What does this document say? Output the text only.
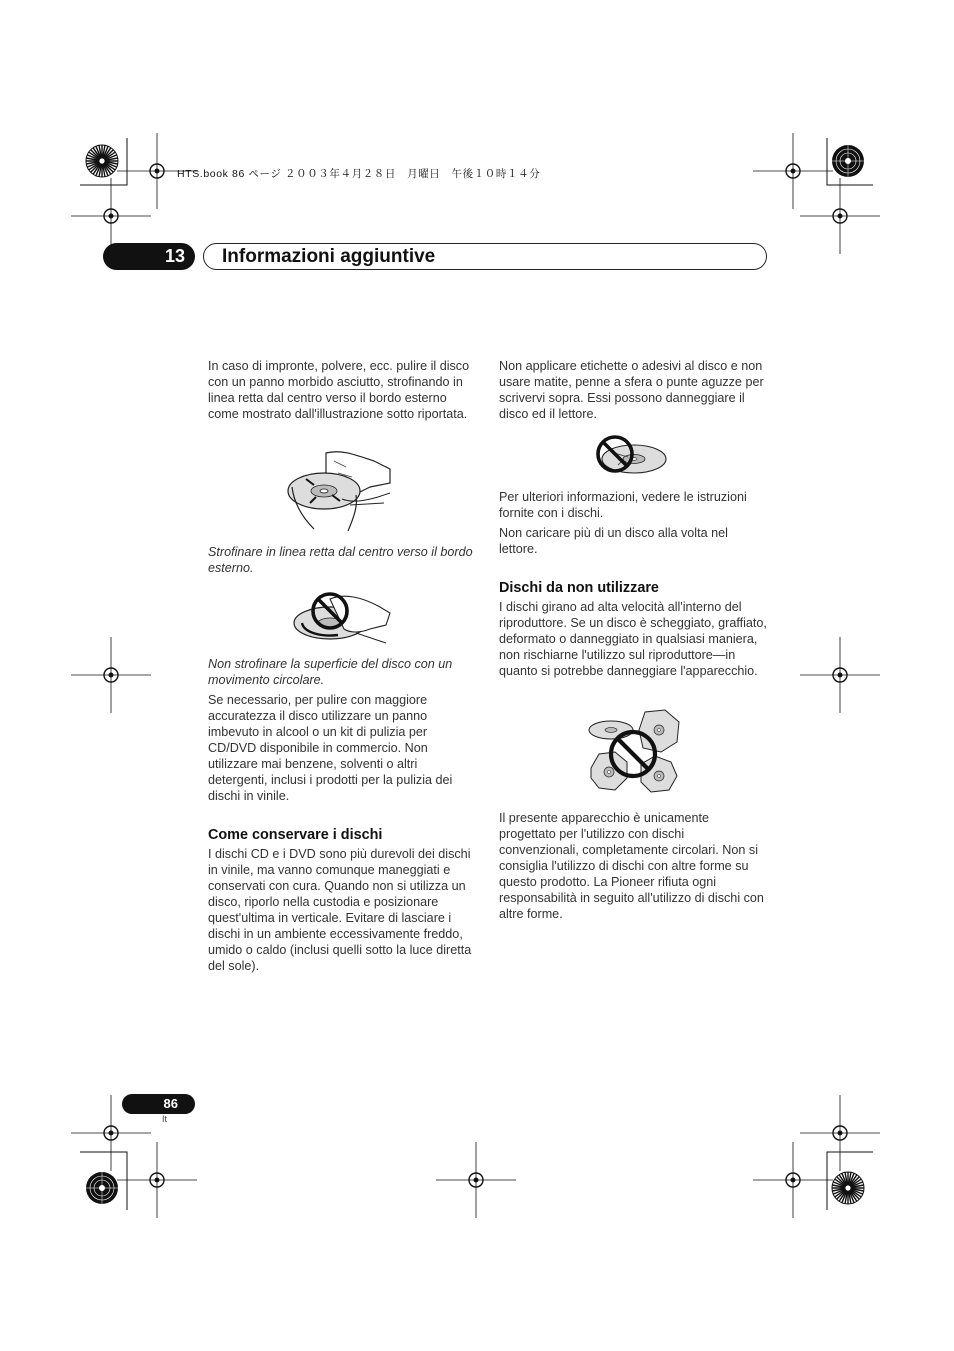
HTS.book 86 ページ ２００３年４月２８日　月曜日　午後１０時１４分
13	Informazioni aggiuntive

In caso di impronte, polvere, ecc. pulire il disco con un panno morbido asciutto, strofinando in linea retta dal centro verso il bordo esterno come mostrato dall'illustrazione sotto riportata.

Strofinare in linea retta dal centro verso il bordo esterno.
Non strofinare la superficie del disco con un movimento circolare.
Se necessario, per pulire con maggiore accuratezza il disco utilizzare un panno imbevuto in alcool o un kit di pulizia per CD/DVD disponibile in commercio. Non utilizzare mai benzene, solventi o altri detergenti, inclusi i prodotti per la pulizia dei dischi in vinile.
Come conservare i dischi
I dischi CD e i DVD sono più durevoli dei dischi in vinile, ma vanno comunque maneggiati e conservati con cura. Quando non si utilizza un disco, riporlo nella custodia e posizionare quest'ultima in verticale. Evitare di lasciare i dischi in un ambiente eccessivamente freddo, umido o caldo (inclusi quelli sotto la luce diretta del sole).
Non applicare etichette o adesivi al disco e non usare matite, penne a sfera o punte aguzze per scrivervi sopra. Essi possono danneggiare il disco ed il lettore.
Per ulteriori informazioni, vedere le istruzioni fornite con i dischi.
Non caricare più di un disco alla volta nel lettore.
Dischi da non utilizzare
I dischi girano ad alta velocità all'interno del riproduttore. Se un disco è scheggiato, graffiato, deformato o danneggiato in qualsiasi maniera, non rischiarne l'utilizzo sul riproduttore—in quanto si potrebbe danneggiare l'apparecchio.
Il presente apparecchio è unicamente progettato per l'utilizzo con dischi convenzionali, completamente circolari. Non si consiglia l'utilizzo di dischi con altre forme su questo prodotto. La Pioneer rifiuta ogni responsabilità in seguito all'utilizzo di dischi con altre forme.
86
It
